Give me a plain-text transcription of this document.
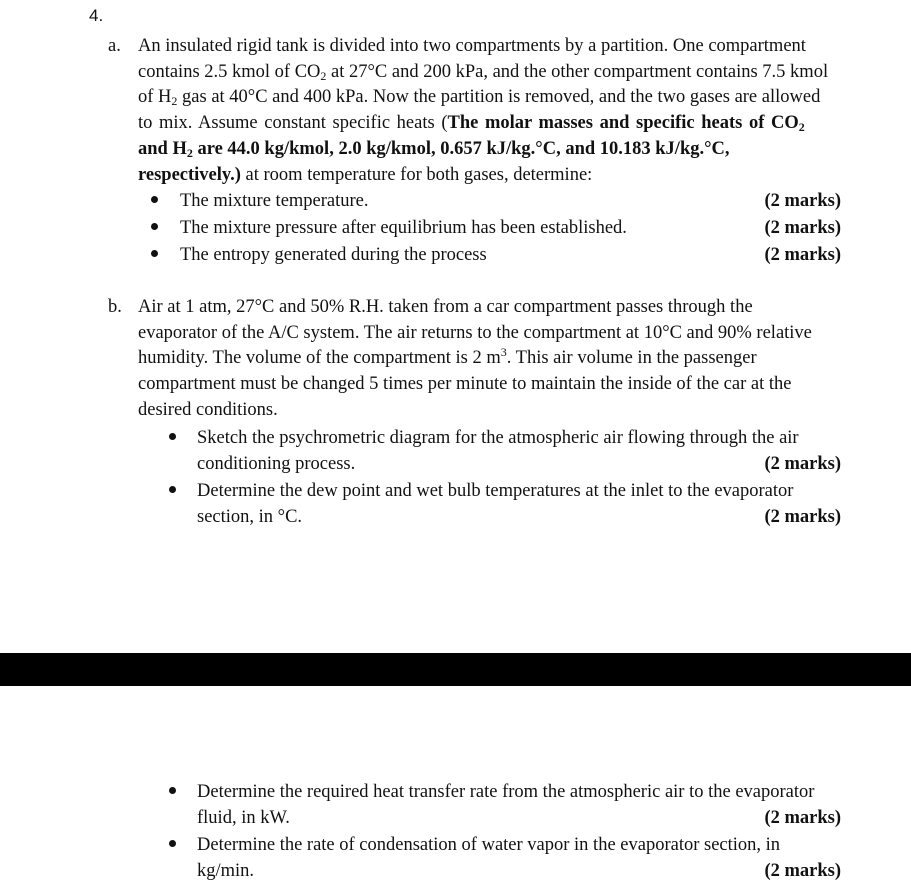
4.
a. An insulated rigid tank is divided into two compartments by a partition. One compartment
contains 2.5 kmol of $CO_2$ at 27°C and 200 kPa, and the other compartment contains 7.5 kmol
of $H_2$ gas at 40°C and 400 kPa. Now the partition is removed, and the two gases are allowed
to mix. Assume constant specific heats (The molar masses and specific heats of $CO_2$
and $H_2$ are 44.0 kg/kmol, 2.0 kg/kmol, 0.657 kJ/kg.°C, and 10.183 kJ/kg.°C,
respectively.) at room temperature for both gases, determine:
The mixture temperature.	(2 marks)
The mixture pressure after equilibrium has been established.	(2 marks)
The entropy generated during the process	(2 marks)
b. Air at 1 atm, 27°C and 50% R.H. taken from a car compartment passes through the
evaporator of the A/C system. The air returns to the compartment at 10°C and 90% relative
humidity. The volume of the compartment is 2 $m^3$. This air volume in the passenger
compartment must be changed 5 times per minute to maintain the inside of the car at the
desired conditions.
Sketch the psychrometric diagram for the atmospheric air flowing through the air
conditioning process.	(2 marks)
Determine the dew point and wet bulb temperatures at the inlet to the evaporator
section, in °C.	(2 marks)
Determine the required heat transfer rate from the atmospheric air to the evaporator
fluid, in kW.	(2 marks)
Determine the rate of condensation of water vapor in the evaporator section, in
kg/min.	(2 marks)
